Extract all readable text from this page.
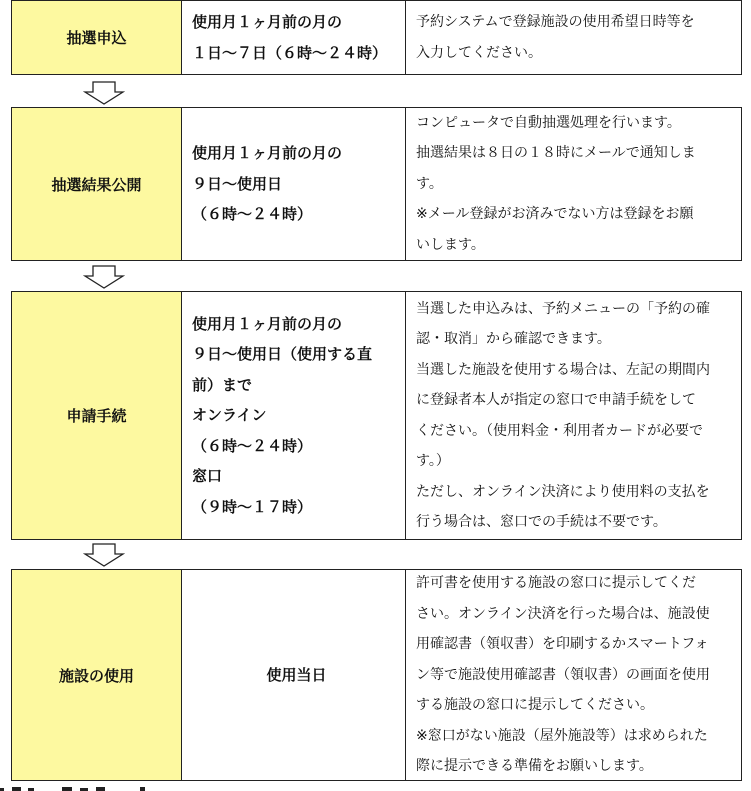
抽選申込
使用月１ヶ月前の月の
１日〜７日（６時〜２４時）
予約システムで登録施設の使用希望日時等を
入力してください。
抽選結果公開
使用月１ヶ月前の月の
９日〜使用日
（６時〜２４時）
コンピュータで自動抽選処理を行います。
抽選結果は８日の１８時にメールで通知しま
す。
※メール登録がお済みでない方は登録をお願
いします。
申請手続
使用月１ヶ月前の月の
９日〜使用日（使用する直
前）まで
オンライン
（６時〜２４時）
窓口
（９時〜１７時）
当選した申込みは、予約メニューの「予約の確
認・取消」から確認できます。
当選した施設を使用する場合は、左記の期間内
に登録者本人が指定の窓口で申請手続をして
ください。（使用料金・利用者カードが必要で
す。）
ただし、オンライン決済により使用料の支払を
行う場合は、窓口での手続は不要です。
施設の使用	使用当日
許可書を使用する施設の窓口に提示してくだ
さい。オンライン決済を行った場合は、施設使
用確認書（領収書）を印刷するかスマートフォ
ン等で施設使用確認書（領収書）の画面を使用
する施設の窓口に提示してください。
※窓口がない施設（屋外施設等）は求められた
際に提示できる準備をお願いします。
